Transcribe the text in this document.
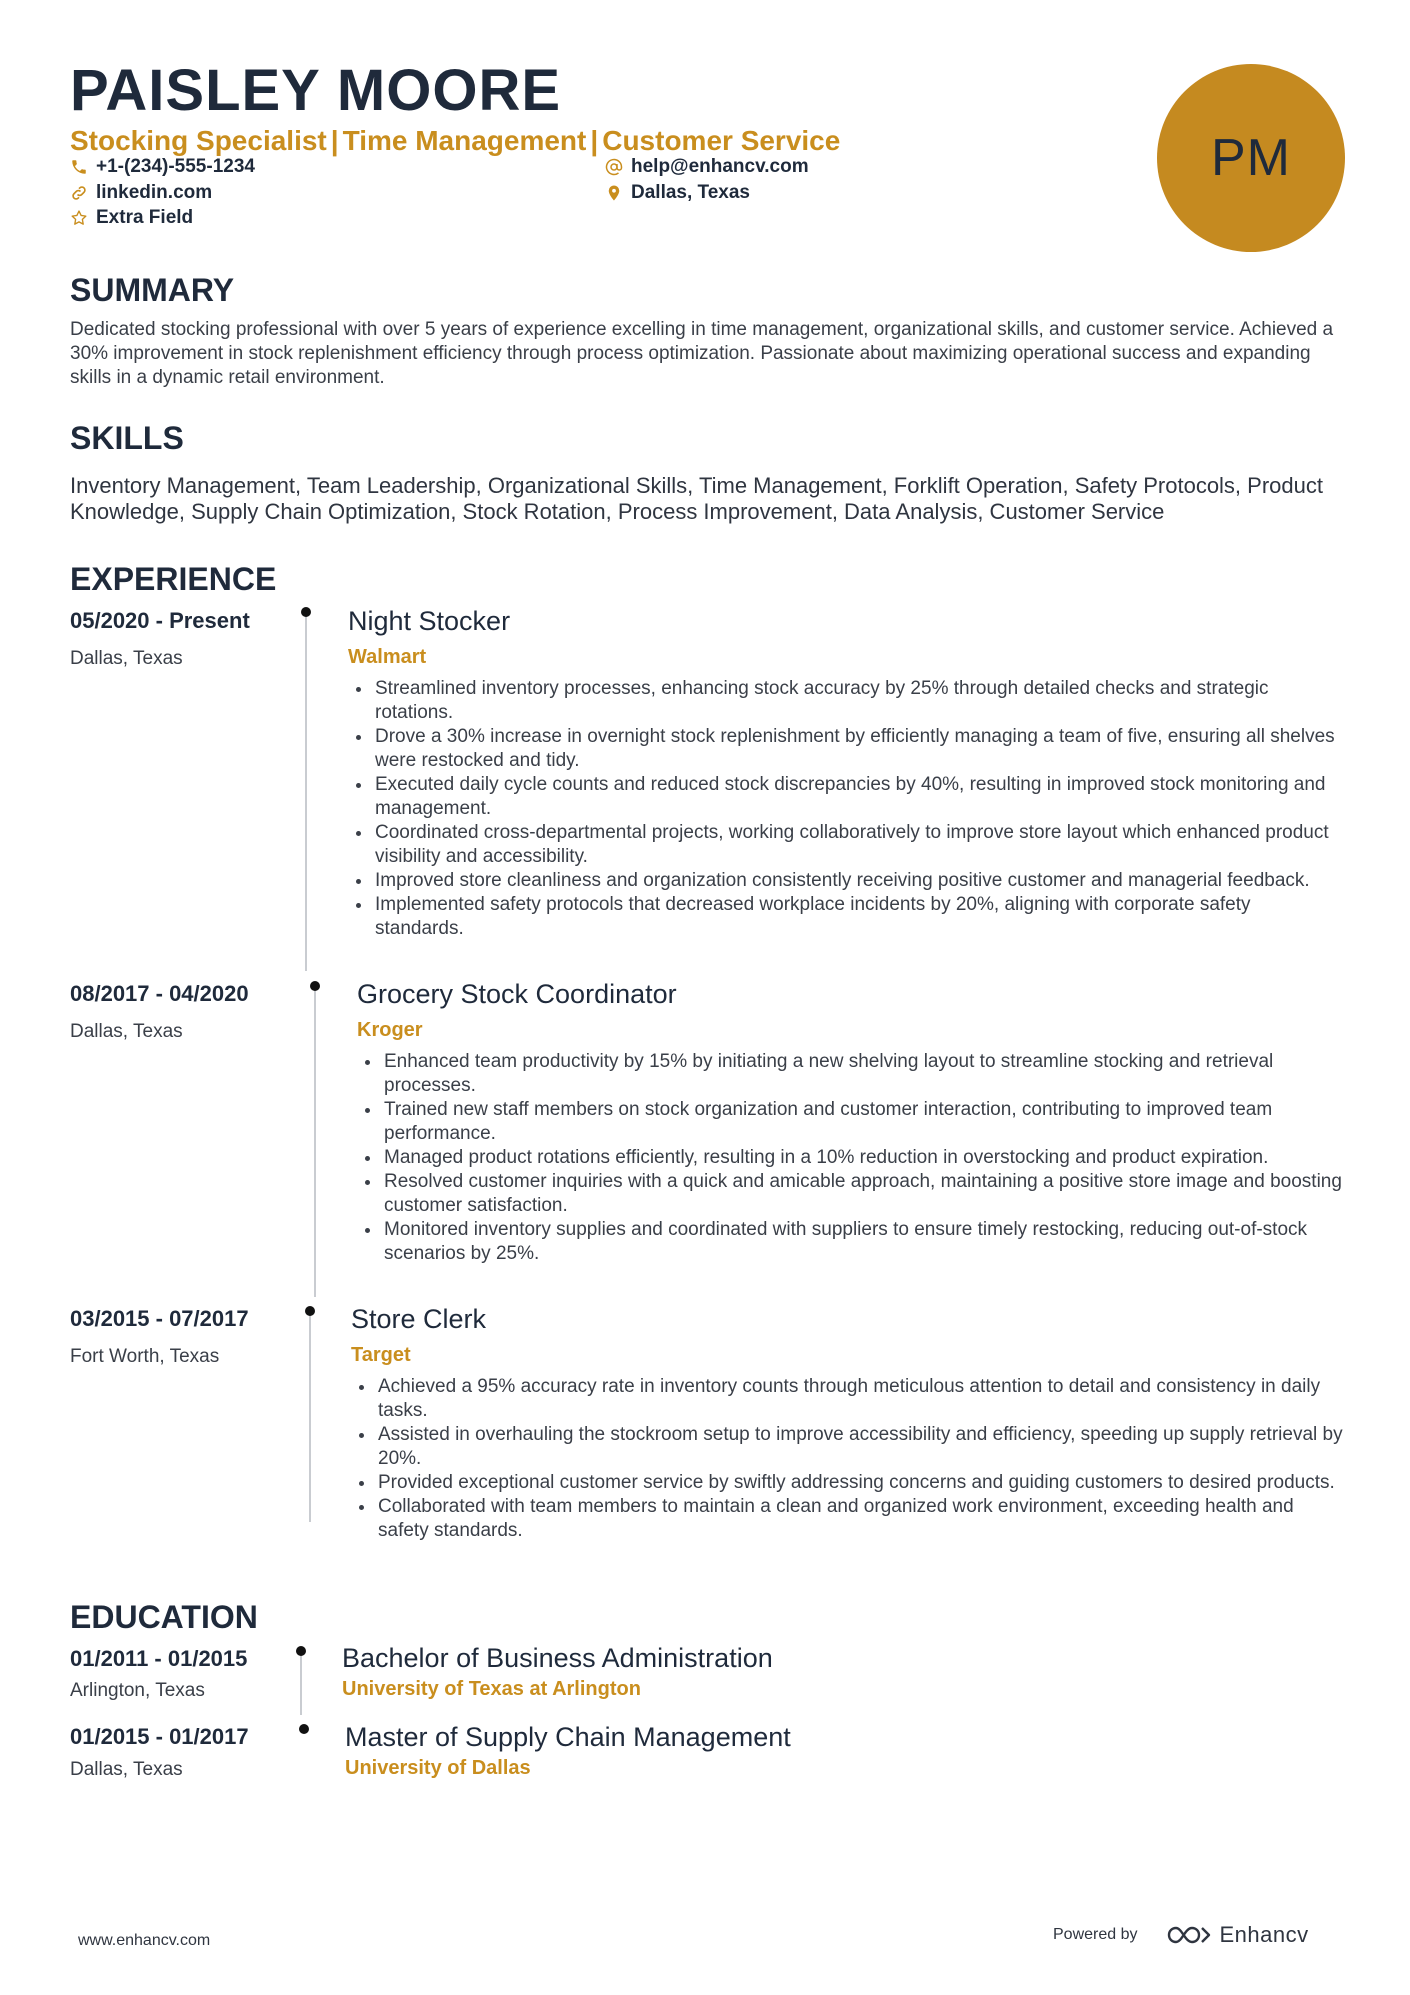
PAISLEY MOORE
Stocking Specialist | Time Management | Customer Service
+1-(234)-555-1234	help@enhancv.com
linkedin.com	Dallas, Texas
Extra Field
PM
SUMMARY

Dedicated stocking professional with over 5 years of experience excelling in time management, organizational skills, and customer service. Achieved a 30% improvement in stock replenishment efficiency through process optimization. Passionate about maximizing operational success and expanding skills in a dynamic retail environment.

SKILLS

Inventory Management, Team Leadership, Organizational Skills, Time Management, Forklift Operation, Safety Protocols, Product Knowledge, Supply Chain Optimization, Stock Rotation, Process Improvement, Data Analysis, Customer Service

EXPERIENCE
05/2020 - Present
Dallas, Texas
Night Stocker
Walmart
Streamlined inventory processes, enhancing stock accuracy by 25% through detailed checks and strategic rotations.
Drove a 30% increase in overnight stock replenishment by efficiently managing a team of five, ensuring all shelves were restocked and tidy.
Executed daily cycle counts and reduced stock discrepancies by 40%, resulting in improved stock monitoring and management.
Coordinated cross-departmental projects, working collaboratively to improve store layout which enhanced product visibility and accessibility.
Improved store cleanliness and organization consistently receiving positive customer and managerial feedback.
Implemented safety protocols that decreased workplace incidents by 20%, aligning with corporate safety standards.
08/2017 - 04/2020
Dallas, Texas
Grocery Stock Coordinator
Kroger
Enhanced team productivity by 15% by initiating a new shelving layout to streamline stocking and retrieval processes.
Trained new staff members on stock organization and customer interaction, contributing to improved team performance.
Managed product rotations efficiently, resulting in a 10% reduction in overstocking and product expiration.
Resolved customer inquiries with a quick and amicable approach, maintaining a positive store image and boosting customer satisfaction.
Monitored inventory supplies and coordinated with suppliers to ensure timely restocking, reducing out-of-stock scenarios by 25%.
03/2015 - 07/2017
Fort Worth, Texas
Store Clerk
Target
Achieved a 95% accuracy rate in inventory counts through meticulous attention to detail and consistency in daily tasks.
Assisted in overhauling the stockroom setup to improve accessibility and efficiency, speeding up supply retrieval by 20%.
Provided exceptional customer service by swiftly addressing concerns and guiding customers to desired products.
Collaborated with team members to maintain a clean and organized work environment, exceeding health and safety standards.
EDUCATION
01/2011 - 01/2015
Arlington, Texas
Bachelor of Business Administration
University of Texas at Arlington
01/2015 - 01/2017
Dallas, Texas
Master of Supply Chain Management
University of Dallas
www.enhancv.com	Powered by	Enhancv
